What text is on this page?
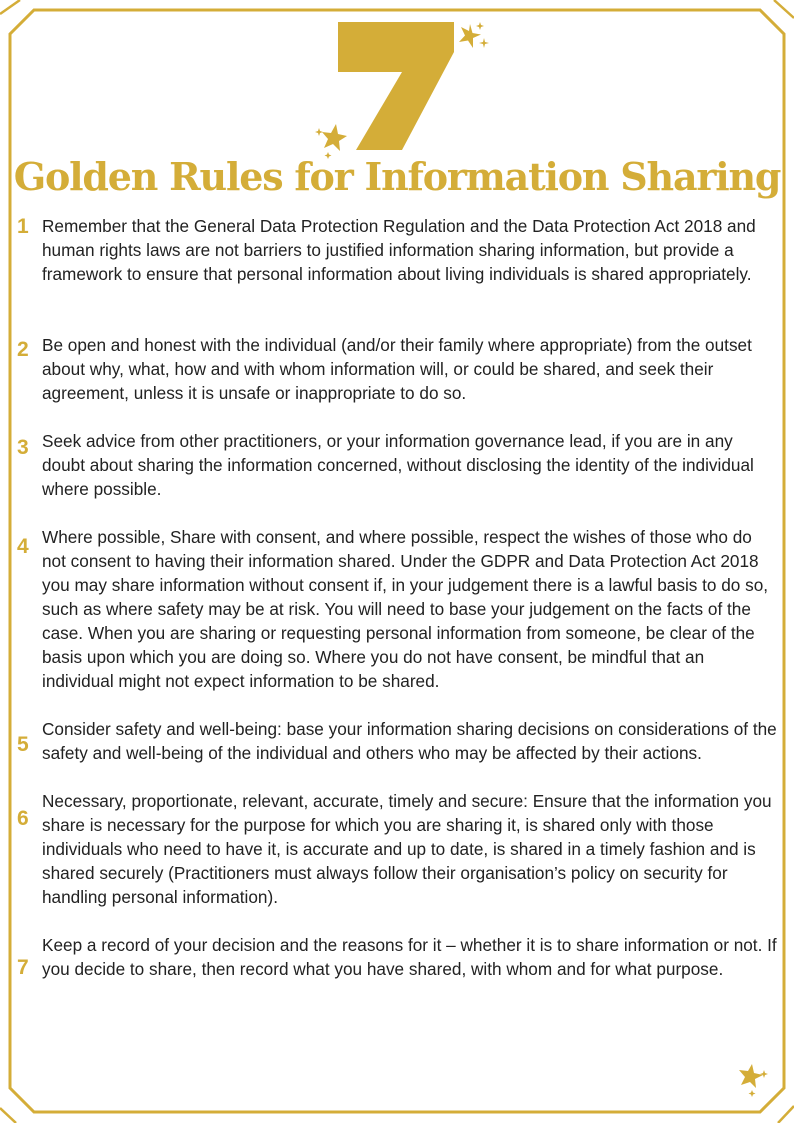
Golden Rules for Information Sharing
1 Remember that the General Data Protection Regulation and the Data Protection Act 2018 and human rights laws are not barriers to justified information sharing information, but provide a framework to ensure that personal information about living individuals is shared appropriately.

2 Be open and honest with the individual (and/or their family where appropriate) from the outset about why, what, how and with whom information will, or could be shared, and seek their agreement, unless it is unsafe or inappropriate to do so.

3 Seek advice from other practitioners, or your information governance lead, if you are in any doubt about sharing the information concerned, without disclosing the identity of the individual where possible.

4 Where possible, Share with consent, and where possible, respect the wishes of those who do not consent to having their information shared. Under the GDPR and Data Protection Act 2018 you may share information without consent if, in your judgement there is a lawful basis to do so, such as where safety may be at risk. You will need to base your judgement on the facts of the case. When you are sharing or requesting personal information from someone, be clear of the basis upon which you are doing so. Where you do not have consent, be mindful that an individual might not expect information to be shared.

5

Consider safety and well-being: base your information sharing decisions on considerations of the safety and well-being of the individual and others who may be affected by their actions.

6

Necessary, proportionate, relevant, accurate, timely and secure: Ensure that the information you share is necessary for the purpose for which you are sharing it, is shared only with those individuals who need to have it, is accurate and up to date, is shared in a timely fashion and is shared securely (Practitioners must always follow their organisation’s policy on security for handling personal information).

7

Keep a record of your decision and the reasons for it – whether it is to share information or not. If you decide to share, then record what you have shared, with whom and for what purpose.
